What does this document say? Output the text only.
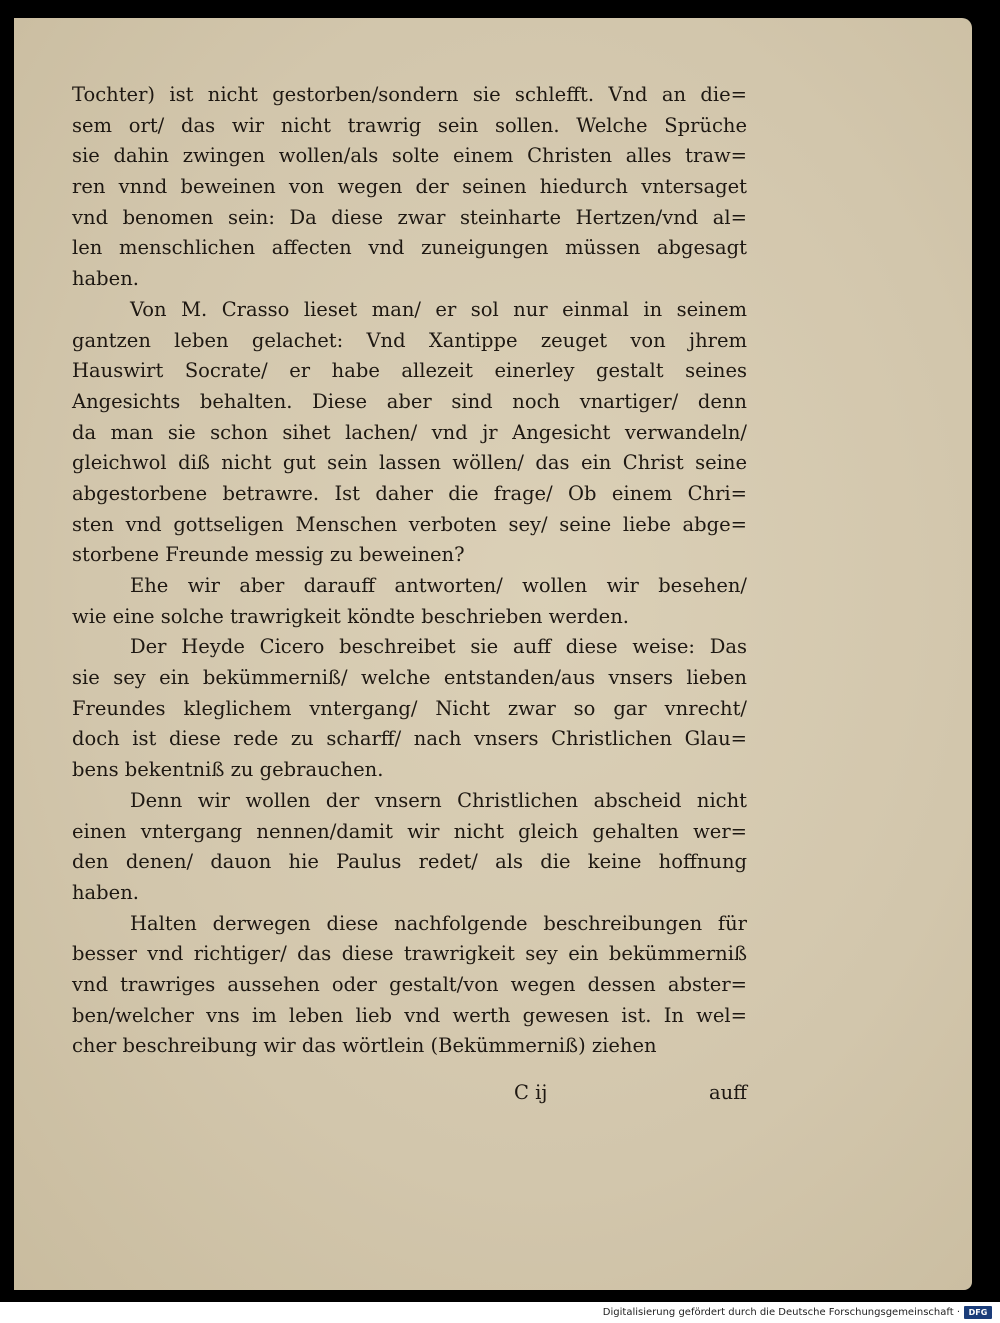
Tochter) ist nicht gestorben/sondern sie schlefft. Vnd an die=
sem ort/ das wir nicht trawrig sein sollen. Welche Sprüche
sie dahin zwingen wollen/als solte einem Christen alles traw=
ren vnnd beweinen von wegen der seinen hiedurch vntersaget
vnd benomen sein: Da diese zwar steinharte Hertzen/vnd al=
len menschlichen affecten vnd zuneigungen müssen abgesagt
haben.
Von M. Crasso lieset man/ er sol nur einmal in seinem
gantzen leben gelachet: Vnd Xantippe zeuget von jhrem
Hauswirt Socrate/ er habe allezeit einerley gestalt seines
Angesichts behalten. Diese aber sind noch vnartiger/ denn
da man sie schon sihet lachen/ vnd jr Angesicht verwandeln/
gleichwol diß nicht gut sein lassen wöllen/ das ein Christ seine
abgestorbene betrawre. Ist daher die frage/ Ob einem Chri=
sten vnd gottseligen Menschen verboten sey/ seine liebe abge=
storbene Freunde messig zu beweinen?
Ehe wir aber darauff antworten/ wollen wir besehen/
wie eine solche trawrigkeit köndte beschrieben werden.
Der Heyde Cicero beschreibet sie auff diese weise: Das
sie sey ein bekümmerniß/ welche entstanden/aus vnsers lieben
Freundes kleglichem vntergang/ Nicht zwar so gar vnrecht/
doch ist diese rede zu scharff/ nach vnsers Christlichen Glau=
bens bekentniß zu gebrauchen.
Denn wir wollen der vnsern Christlichen abscheid nicht
einen vntergang nennen/damit wir nicht gleich gehalten wer=
den denen/ dauon hie Paulus redet/ als die keine hoffnung
haben.
Halten derwegen diese nachfolgende beschreibungen für
besser vnd richtiger/ das diese trawrigkeit sey ein bekümmerniß
vnd trawriges aussehen oder gestalt/von wegen dessen abster=
ben/welcher vns im leben lieb vnd werth gewesen ist. In wel=
cher beschreibung wir das wörtlein (Bekümmerniß) ziehen
C ij	auff
Digitalisierung gefördert durch die Deutsche Forschungsgemeinschaft ·	DFG
